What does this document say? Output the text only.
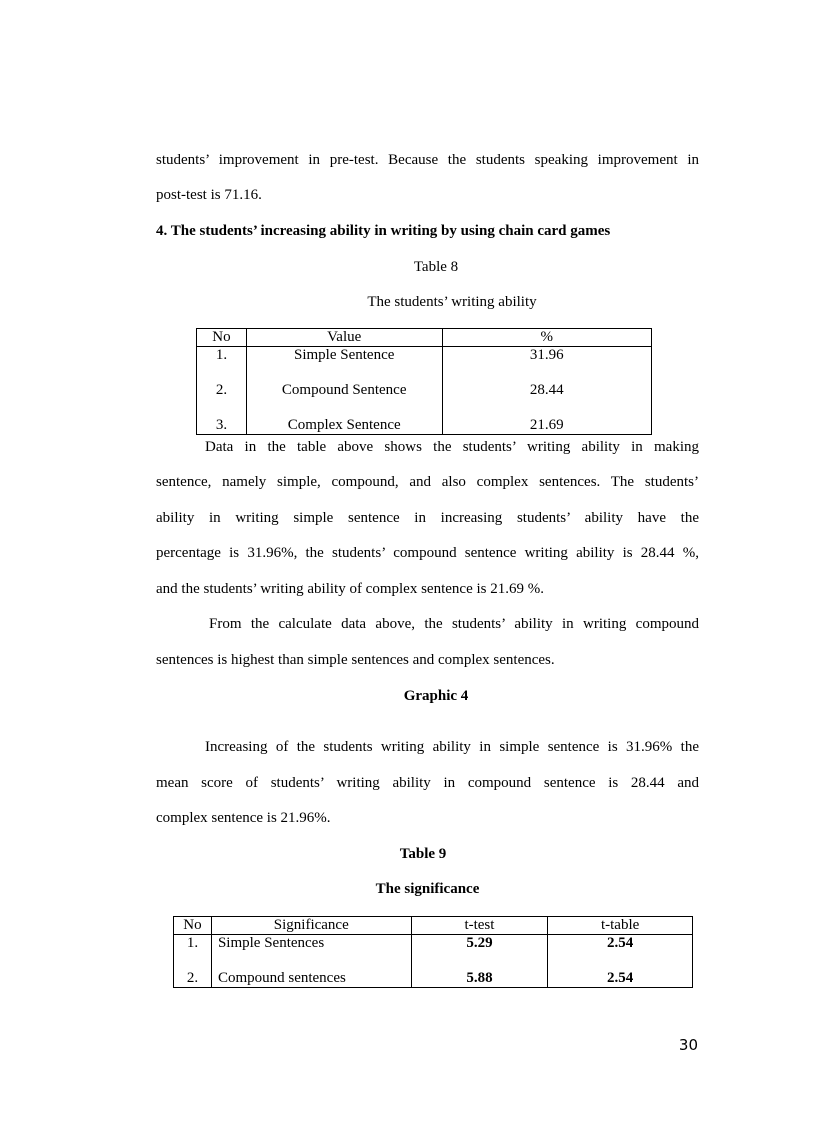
students’ improvement in pre-test. Because the students speaking improvement in
post-test is 71.16.
4. The students’ increasing ability in writing by using chain card games
Table 8
The students’ writing ability
No	Value	%
1.	Simple Sentence	31.96
2.	Compound Sentence	28.44
3.	Complex Sentence	21.69
Data in the table above shows the students’ writing ability in making
sentence, namely simple, compound, and also complex sentences. The students’
ability in writing simple sentence in increasing students’ ability have the
percentage is 31.96%, the students’ compound sentence writing ability is 28.44 %,
and the students’ writing ability of complex sentence is 21.69 %.
From the calculate data above, the students’ ability in writing compound
sentences is highest than simple sentences and complex sentences.
Graphic 4
Increasing of the students writing ability in simple sentence is 31.96% the
mean score of students’ writing ability in compound sentence is 28.44 and
complex sentence is 21.96%.
Table 9
The significance
No	Significance	t-test	t-table
1.	Simple Sentences	5.29	2.54
2.	Compound sentences	5.88	2.54
30
